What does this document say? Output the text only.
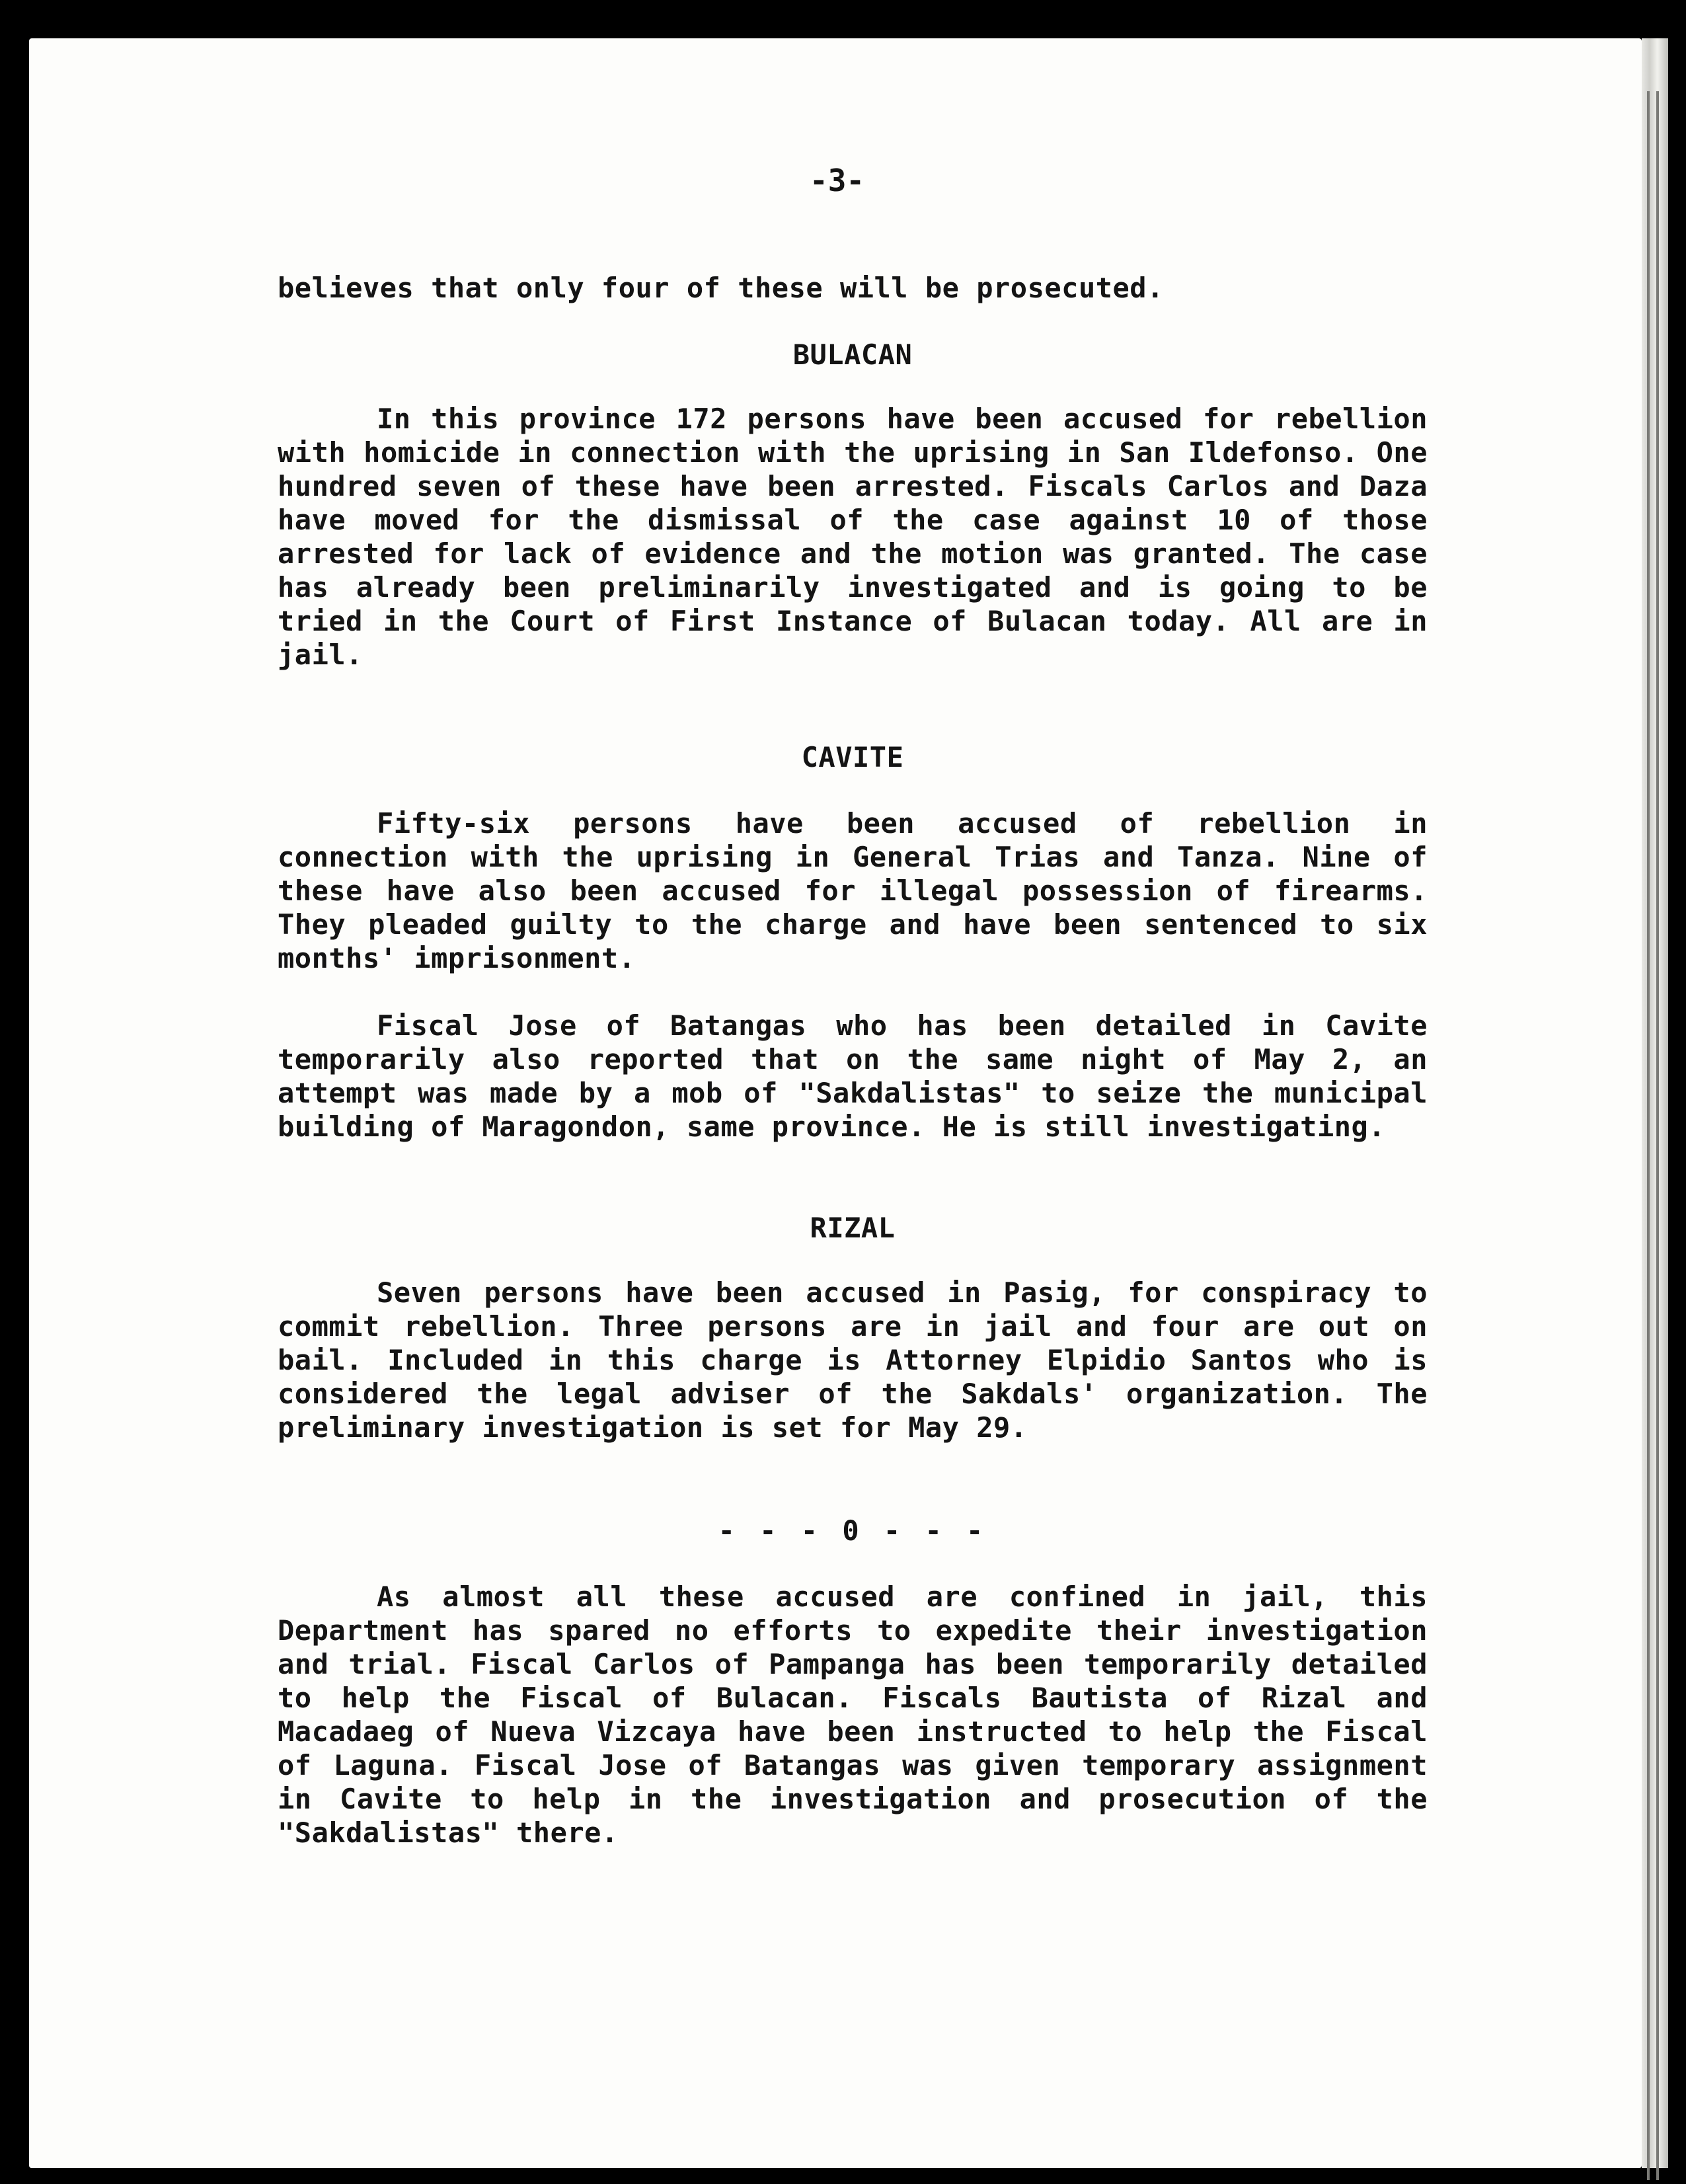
-3-

believes that only four of these will be prosecuted.

BULACAN

In this province 172 persons have been accused for rebellion with homicide in connection with the uprising in San Ildefonso. One hundred seven of these have been arrested. Fiscals Carlos and Daza have moved for the dismissal of the case against 10 of those arrested for lack of evidence and the motion was granted. The case has already been preliminarily investigated and is going to be tried in the Court of First Instance of Bulacan today. All are in jail.

CAVITE

Fifty-six persons have been accused of rebellion in connection with the uprising in General Trias and Tanza. Nine of these have also been accused for illegal possession of firearms. They pleaded guilty to the charge and have been sentenced to six months' imprisonment.

Fiscal Jose of Batangas who has been detailed in Cavite temporarily also reported that on the same night of May 2, an attempt was made by a mob of "Sakdalistas" to seize the municipal building of Maragondon, same province. He is still investigating.

RIZAL

Seven persons have been accused in Pasig, for conspiracy to commit rebellion. Three persons are in jail and four are out on bail. Included in this charge is Attorney Elpidio Santos who is considered the legal adviser of the Sakdals' organization. The preliminary investigation is set for May 29.

- - - 0 - - -

As almost all these accused are confined in jail, this Department has spared no efforts to expedite their investigation and trial. Fiscal Carlos of Pampanga has been temporarily detailed to help the Fiscal of Bulacan. Fiscals Bautista of Rizal and Macadaeg of Nueva Vizcaya have been instructed to help the Fiscal of Laguna. Fiscal Jose of Batangas was given temporary assignment in Cavite to help in the investigation and prosecution of the "Sakdalistas" there.
